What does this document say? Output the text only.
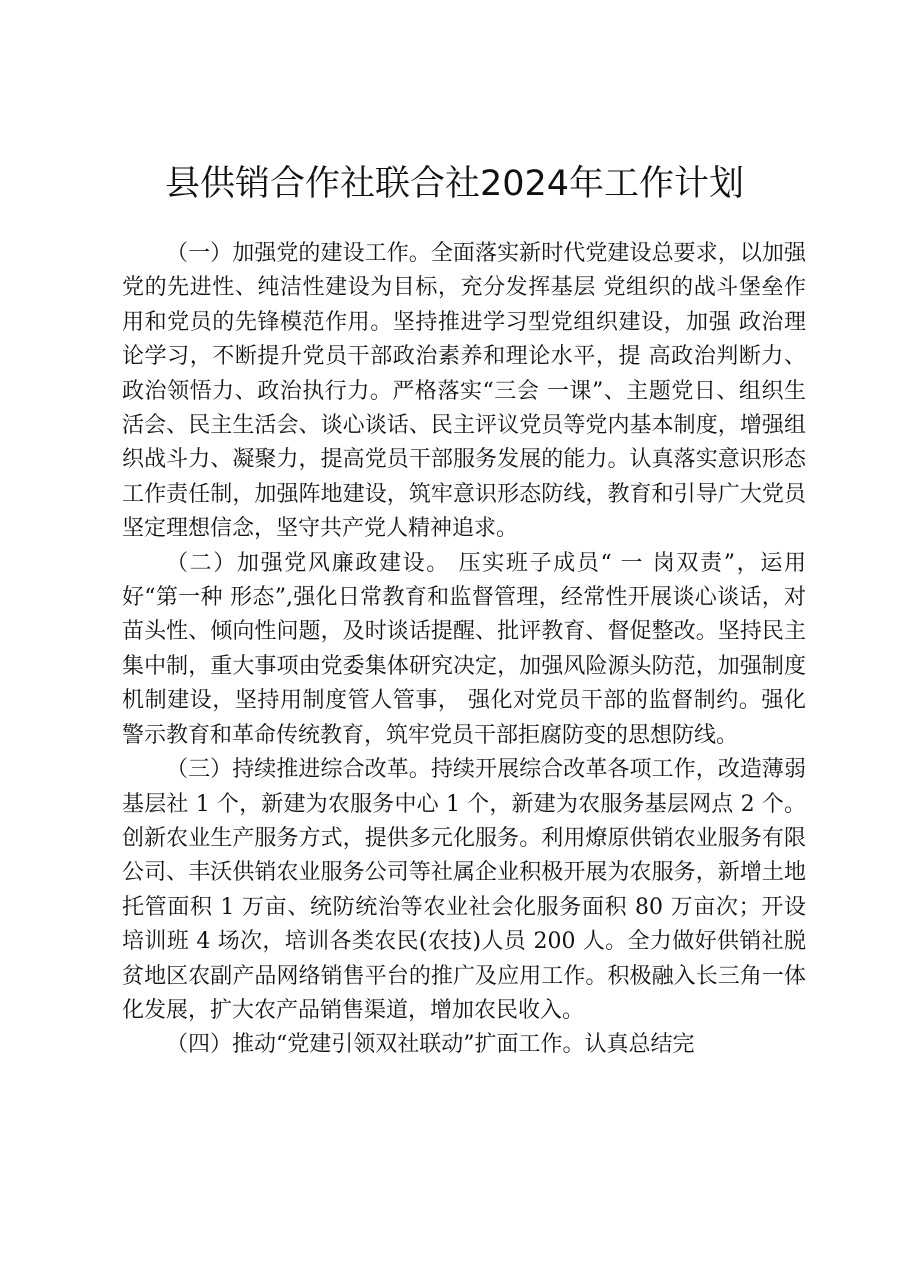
县供销合作社联合社2024年工作计划

（一）加强党的建设工作。全面落实新时代党建设总要求，以加强党的先进性、纯洁性建设为目标，充分发挥基层 党组织的战斗堡垒作用和党员的先锋模范作用。坚持推进学习型党组织建设，加强 政治理论学习，不断提升党员干部政治素养和理论水平，提 高政治判断力、政治领悟力、政治执行力。严格落实“三会 一课”、主题党日、组织生活会、民主生活会、谈心谈话、民主评议党员等党内基本制度，增强组织战斗力、凝聚力，提高党员干部服务发展的能力。认真落实意识形态工作责任制，加强阵地建设，筑牢意识形态防线，教育和引导广大党员坚定理想信念，坚守共产党人精神追求。

（二）加强党风廉政建设。 压实班子成员“ 一 岗双责”，运用好“第一种 形态”,强化日常教育和监督管理，经常性开展谈心谈话，对苗头性、倾向性问题，及时谈话提醒、批评教育、督促整改。坚持民主集中制，重大事项由党委集体研究决定，加强风险源头防范，加强制度机制建设，坚持用制度管人管事， 强化对党员干部的监督制约。强化警示教育和革命传统教育，筑牢党员干部拒腐防变的思想防线。

（三）持续推进综合改革。持续开展综合改革各项工作，改造薄弱基层社 1 个，新建为农服务中心 1 个，新建为农服务基层网点 2 个。创新农业生产服务方式，提供多元化服务。利用燎原供销农业服务有限公司、丰沃供销农业服务公司等社属企业积极开展为农服务，新增土地托管面积 1 万亩、统防统治等农业社会化服务面积 80 万亩次；开设培训班 4 场次，培训各类农民(农技)人员 200 人。全力做好供销社脱贫地区农副产品网络销售平台的推广及应用工作。积极融入长三角一体化发展，扩大农产品销售渠道，增加农民收入。

（四）推动“党建引领双社联动”扩面工作。认真总结完
